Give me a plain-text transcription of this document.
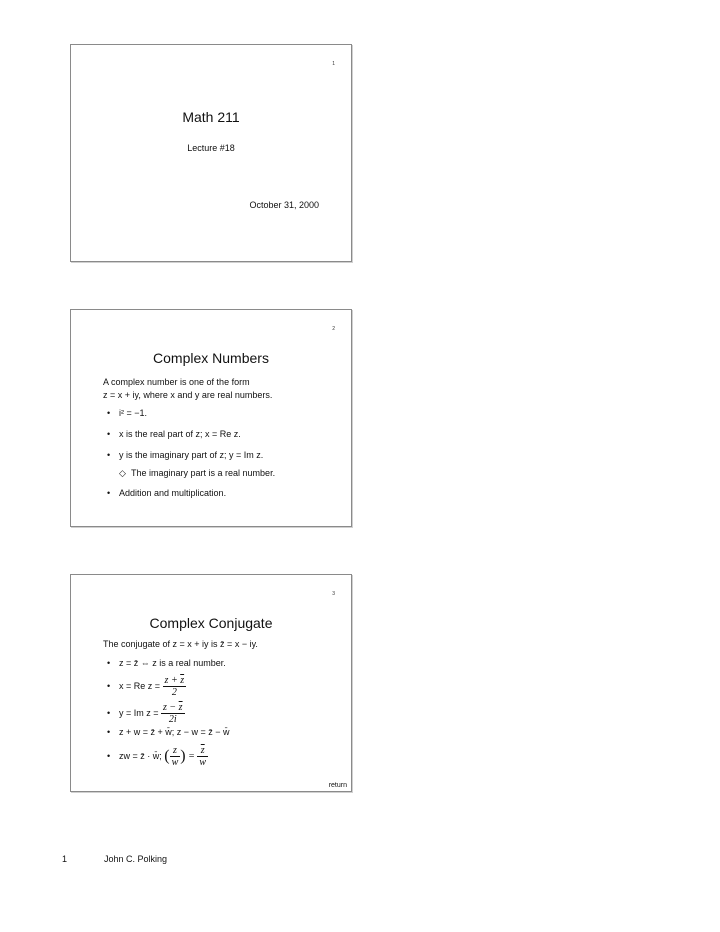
1
Math 211
Lecture #18
October 31, 2000
2
Complex Numbers
A complex number is one of the form
z = x + iy, where x and y are real numbers.
• i² = −1.
• x is the real part of z; x = Re z.
• y is the imaginary part of z; y = Im z.
◇ The imaginary part is a real number.
• Addition and multiplication.
3
Complex Conjugate
The conjugate of z = x + iy is z̄ = x − iy.
• z = z̄ ⇔ z is a real number.
• x = Re $z = \frac{z + \overline{z}}{2}$
• y = Im $z = \frac{z - \overline{z}}{2i}$
• z + w = z̄ + w̄; z − w = z̄ − w̄
• zw = z̄ · w̄; ( $\frac{z}{w}$ ) = $\frac{\overline{z}}{w}$
return
1	John C. Polking
